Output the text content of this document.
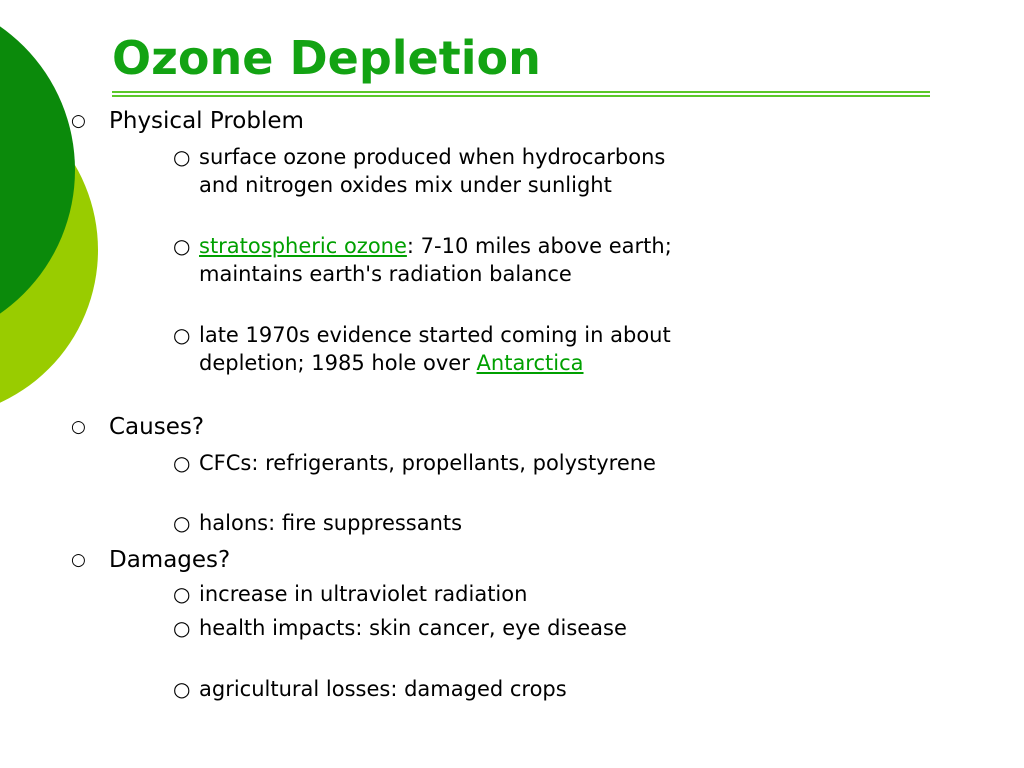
Ozone Depletion
○ Physical Problem
○ surface ozone produced when hydrocarbons and nitrogen oxides mix under sunlight
○ stratospheric ozone: 7-10 miles above earth; maintains earth's radiation balance
○ late 1970s evidence started coming in about depletion; 1985 hole over Antarctica
○ Causes?
○ CFCs: refrigerants, propellants, polystyrene
○ halons: fire suppressants
○ Damages?
○ increase in ultraviolet radiation
○ health impacts: skin cancer, eye disease
○ agricultural losses: damaged crops
